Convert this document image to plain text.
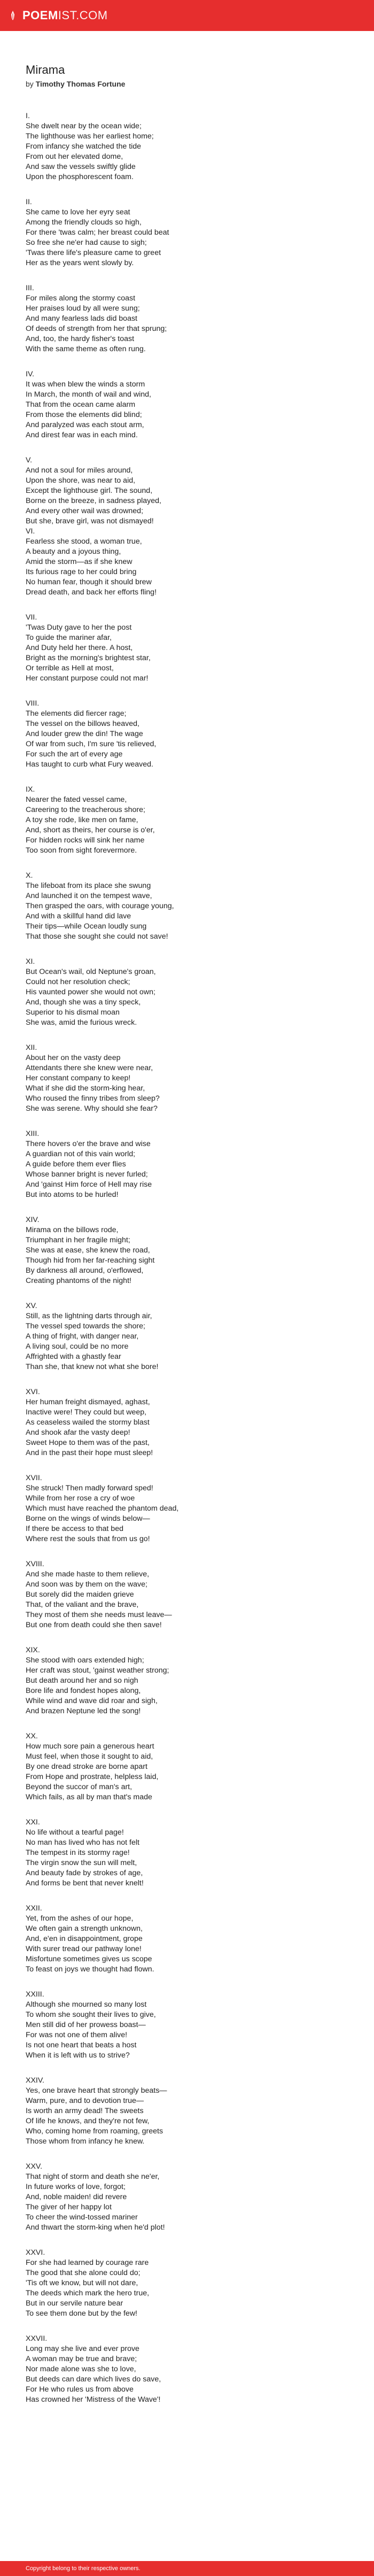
POEM IST.COM
Mirama

by Timothy Thomas Fortune

I.
She dwelt near by the ocean wide;
The lighthouse was her earliest home;
From infancy she watched the tide
From out her elevated dome,
And saw the vessels swiftly glide
Upon the phosphorescent foam.
II.
She came to love her eyry seat
Among the friendly clouds so high,
For there 'twas calm; her breast could beat
So free she ne'er had cause to sigh;
'Twas there life's pleasure came to greet
Her as the years went slowly by.
III.
For miles along the stormy coast
Her praises loud by all were sung;
And many fearless lads did boast
Of deeds of strength from her that sprung;
And, too, the hardy fisher's toast
With the same theme as often rung.
IV.
It was when blew the winds a storm
In March, the month of wail and wind,
That from the ocean came alarm
From those the elements did blind;
And paralyzed was each stout arm,
And direst fear was in each mind.
V.
And not a soul for miles around,
Upon the shore, was near to aid,
Except the lighthouse girl. The sound,
Borne on the breeze, in sadness played,
And every other wail was drowned;
But she, brave girl, was not dismayed!
VI.
Fearless she stood, a woman true,
A beauty and a joyous thing,
Amid the storm—as if she knew
Its furious rage to her could bring
No human fear, though it should brew
Dread death, and back her efforts fling!
VII.
'Twas Duty gave to her the post
To guide the mariner afar,
And Duty held her there. A host,
Bright as the morning's brightest star,
Or terrible as Hell at most,
Her constant purpose could not mar!
VIII.
The elements did fiercer rage;
The vessel on the billows heaved,
And louder grew the din! The wage
Of war from such, I'm sure 'tis relieved,
For such the art of every age
Has taught to curb what Fury weaved.
IX.
Nearer the fated vessel came,
Careering to the treacherous shore;
A toy she rode, like men on fame,
And, short as theirs, her course is o'er,
For hidden rocks will sink her name
Too soon from sight forevermore.
X.
The lifeboat from its place she swung
And launched it on the tempest wave,
Then grasped the oars, with courage young,
And with a skillful hand did lave
Their tips—while Ocean loudly sung
That those she sought she could not save!
XI.
But Ocean's wail, old Neptune's groan,
Could not her resolution check;
His vaunted power she would not own;
And, though she was a tiny speck,
Superior to his dismal moan
She was, amid the furious wreck.
XII.
About her on the vasty deep
Attendants there she knew were near,
Her constant company to keep!
What if she did the storm-king hear,
Who roused the finny tribes from sleep?
She was serene. Why should she fear?
XIII.
There hovers o'er the brave and wise
A guardian not of this vain world;
A guide before them ever flies
Whose banner bright is never furled;
And 'gainst Him force of Hell may rise
But into atoms to be hurled!
XIV.
Mirama on the billows rode,
Triumphant in her fragile might;
She was at ease, she knew the road,
Though hid from her far-reaching sight
By darkness all around, o'erflowed,
Creating phantoms of the night!
XV.
Still, as the lightning darts through air,
The vessel sped towards the shore;
A thing of fright, with danger near,
A living soul, could be no more
Affrighted with a ghastly fear
Than she, that knew not what she bore!
XVI.
Her human freight dismayed, aghast,
Inactive were! They could but weep,
As ceaseless wailed the stormy blast
And shook afar the vasty deep!
Sweet Hope to them was of the past,
And in the past their hope must sleep!
XVII.
She struck! Then madly forward sped!
While from her rose a cry of woe
Which must have reached the phantom dead,
Borne on the wings of winds below—
If there be access to that bed
Where rest the souls that from us go!
XVIII.
And she made haste to them relieve,
And soon was by them on the wave;
But sorely did the maiden grieve
That, of the valiant and the brave,
They most of them she needs must leave—
But one from death could she then save!
XIX.
She stood with oars extended high;
Her craft was stout, 'gainst weather strong;
But death around her and so nigh
Bore life and fondest hopes along,
While wind and wave did roar and sigh,
And brazen Neptune led the song!
XX.
How much sore pain a generous heart
Must feel, when those it sought to aid,
By one dread stroke are borne apart
From Hope and prostrate, helpless laid,
Beyond the succor of man's art,
Which fails, as all by man that's made
XXI.
No life without a tearful page!
No man has lived who has not felt
The tempest in its stormy rage!
The virgin snow the sun will melt,
And beauty fade by strokes of age,
And forms be bent that never knelt!
XXII.
Yet, from the ashes of our hope,
We often gain a strength unknown,
And, e'en in disappointment, grope
With surer tread our pathway lone!
Misfortune sometimes gives us scope
To feast on joys we thought had flown.
XXIII.
Although she mourned so many lost
To whom she sought their lives to give,
Men still did of her prowess boast—
For was not one of them alive!
Is not one heart that beats a host
When it is left with us to strive?
XXIV.
Yes, one brave heart that strongly beats—
Warm, pure, and to devotion true—
Is worth an army dead! The sweets
Of life he knows, and they're not few,
Who, coming home from roaming, greets
Those whom from infancy he knew.
XXV.
That night of storm and death she ne'er,
In future works of love, forgot;
And, noble maiden! did revere
The giver of her happy lot
To cheer the wind-tossed mariner
And thwart the storm-king when he'd plot!
XXVI.
For she had learned by courage rare
The good that she alone could do;
'Tis oft we know, but will not dare,
The deeds which mark the hero true,
But in our servile nature bear
To see them done but by the few!
XXVII.
Long may she live and ever prove
A woman may be true and brave;
Nor made alone was she to love,
But deeds can dare which lives do save,
For He who rules us from above
Has crowned her 'Mistress of the Wave'!
Copyright belong to their respective owners.
